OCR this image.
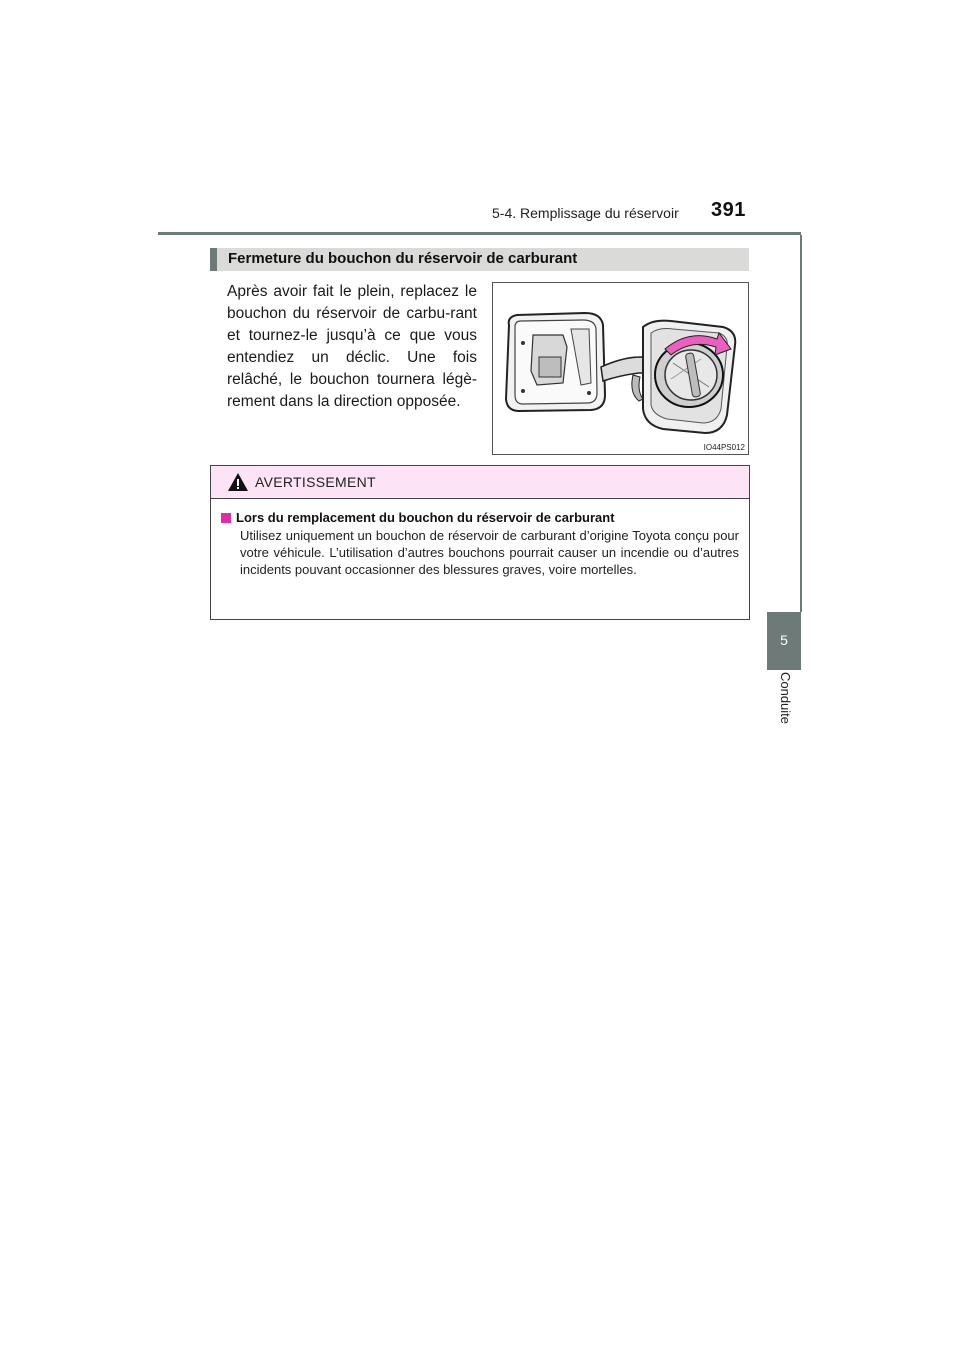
5-4. Remplissage du réservoir 391
5
Conduite
Fermeture du bouchon du réservoir de carburant
Après avoir fait le plein, replacez le bouchon du réservoir de carbu-rant et tournez-le jusqu’à ce que vous entendiez un déclic. Une fois relâché, le bouchon tournera légè-rement dans la direction opposée.
IO44PS012
AVERTISSEMENT
Lors du remplacement du bouchon du réservoir de carburant
Utilisez uniquement un bouchon de réservoir de carburant d’origine Toyota conçu pour votre véhicule. L’utilisation d’autres bouchons pourrait causer un incendie ou d’autres incidents pouvant occasionner des blessures graves, voire mortelles.
